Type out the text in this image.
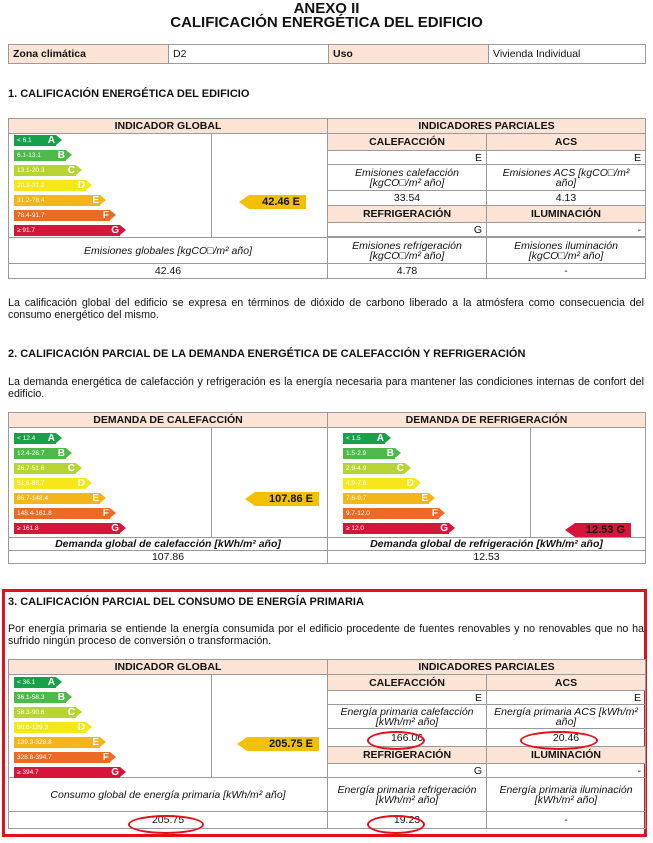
ANEXO II
CALIFICACIÓN ENERGÉTICA DEL EDIFICIO
Zona climática	D2	Uso	Vivienda Individual
1. CALIFICACIÓN ENERGÉTICA DEL EDIFICIO
INDICADOR GLOBAL		INDICADORES PARCIALES	
		CALEFACCIÓN	ACS
		E	E
		Emisiones calefacción [kgCO□/m² año]	Emisiones ACS [kgCO□/m² año]
		33.54	4.13
		REFRIGERACIÓN	ILUMINACIÓN
		G	-

Emisiones globales [kgCO□/m² año]		Emisiones refrigeración [kgCO□/m² año]	Emisiones iluminación [kgCO□/m² año]
42.46		4.78	-
< 6.1 A
6.1-13.1 B
13.1-20.3 C
20.3-31.2	D
31.2-78.4	E
78.4-91.7	F
≥ 91.7	G
42.46 E
La calificación global del edificio se expresa en términos de dióxido de carbono liberado a la atmósfera como consecuencia del consumo energético del mismo.
2. CALIFICACIÓN PARCIAL DE LA DEMANDA ENERGÉTICA DE CALEFACCIÓN Y REFRIGERACIÓN
La demanda energética de calefacción y refrigeración es la energía necesaria para mantener las condiciones internas de confort del edificio.
DEMANDA DE CALEFACCIÓN		DEMANDA DE REFRIGERACIÓN	

Demanda global de calefacción [kWh/m² año]		Demanda global de refrigeración [kWh/m² año]	
107.86		12.53	
< 12.4 A
12.4-26.7 B
26.7-51.6 C
51.6-86.7	D
86.7-148.4	E
148.4-161.8	F
≥ 161.8	G
< 1.5 A
1.5-2.9 B
2.9-4.9	C
4.9-7.6	D
7.6-9.7	E
9.7-12.0	F
≥ 12.0	G
107.86 E
12.53 G
3. CALIFICACIÓN PARCIAL DEL CONSUMO DE ENERGÍA PRIMARIA
Por energía primaria se entiende la energía consumida por el edificio procedente de fuentes renovables y no renovables que no ha sufrido ningún proceso de conversión o transformación.
INDICADOR GLOBAL		INDICADORES PARCIALES	
		CALEFACCIÓN	ACS
		E	E
		Energía primaria calefacción [kWh/m² año]	Energía primaria ACS [kWh/m² año]
		166.06	20.46
		REFRIGERACIÓN	ILUMINACIÓN
		G	-
Consumo global de energía primaria [kWh/m² año]		Energía primaria refrigeración [kWh/m² año]	Energía primaria iluminación [kWh/m² año]
205.75		19.23	-
< 36.1 A
36.1-58.3 B
58.3-90.6 C
90.6-139.3	D
139.3-328.8	E
328.8-394.7	F
≥ 394.7	G
205.75 E
